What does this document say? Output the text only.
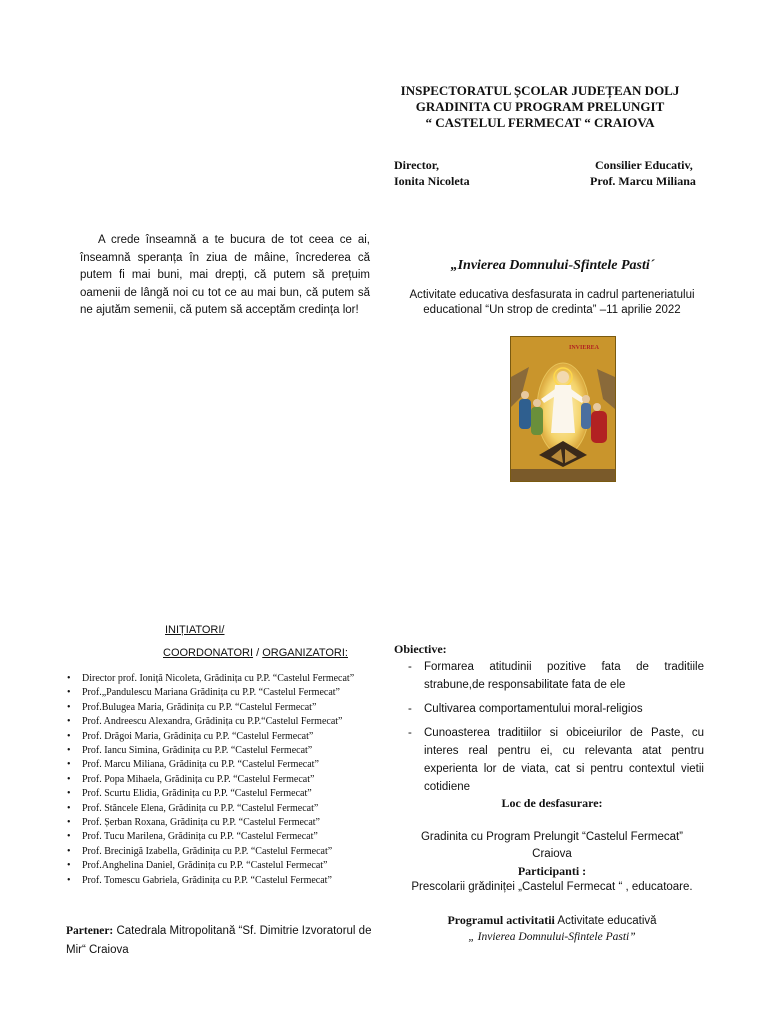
INSPECTORATUL ȘCOLAR JUDEȚEAN DOLJ
GRADINITA CU PROGRAM PRELUNGIT
“ CASTELUL FERMECAT “ CRAIOVA
Director,
Ionita Nicoleta
Consilier Educativ,
Prof. Marcu Miliana
A crede înseamnă a te bucura de tot ceea ce ai, înseamnă speranța în ziua de mâine, încrederea că putem fi mai buni, mai drepți, că putem să prețuim oamenii de lângă noi cu tot ce au mai bun, că putem să ne ajutăm semenii, că putem să acceptăm credința lor!
„Invierea Domnului-Sfintele Pasti´
Activitate educativa desfasurata in cadrul parteneriatului educational “Un strop de credinta” –11 aprilie 2022
INVIEREA
INIȚIATORI/
COORDONATORI / ORGANIZATORI:
• Director prof. Ioniță Nicoleta, Grădinița cu P.P. “Castelul Fermecat”
• Prof.„Pandulescu Mariana Grădinița cu P.P. “Castelul Fermecat”
• Prof.Bulugea Maria, Grădinița cu P.P. “Castelul Fermecat”
• Prof. Andreescu Alexandra, Grădinița cu P.P.“Castelul Fermecat”
• Prof. Drăgoi Maria, Grădinița cu P.P. “Castelul Fermecat”
• Prof. Iancu Simina, Grădinița cu P.P. “Castelul Fermecat”
• Prof. Marcu Miliana, Grădinița cu P.P. “Castelul Fermecat”
• Prof. Popa Mihaela, Grădinița cu P.P. “Castelul Fermecat”
• Prof. Scurtu Elidia, Grădinița cu P.P. “Castelul Fermecat”
• Prof. Stăncele Elena, Grădinița cu P.P. “Castelul Fermecat”
• Prof. Șerban Roxana, Grădinița cu P.P. “Castelul Fermecat”
• Prof. Tucu Marilena, Grădinița cu P.P. “Castelul Fermecat”
• Prof. Brecinigă Izabella, Grădinița cu P.P. “Castelul Fermecat”
• Prof.Anghelina Daniel, Grădinița cu P.P. “Castelul Fermecat”
• Prof. Tomescu Gabriela, Grădinița cu P.P. “Castelul Fermecat”
Partener: Catedrala Mitropolitană “Sf. Dimitrie Izvoratorul de Mir“ Craiova
Obiective:
- Formarea atitudinii pozitive fata de traditiile strabune,de responsabilitate fata de ele
- Cultivarea comportamentului moral-religios
- Cunoasterea traditiilor si obiceiurilor de Paste, cu interes real pentru ei, cu relevanta atat pentru experienta lor de viata, cat si pentru contextul vietii cotidiene
Loc de desfasurare:
Gradinita cu Program Prelungit “Castelul Fermecat”
Craiova
Participanti :
Prescolarii grădiniței „Castelul Fermecat “ , educatoare.
Programul activitatii Activitate educativă
„ Invierea Domnului-Sfintele Pasti”
